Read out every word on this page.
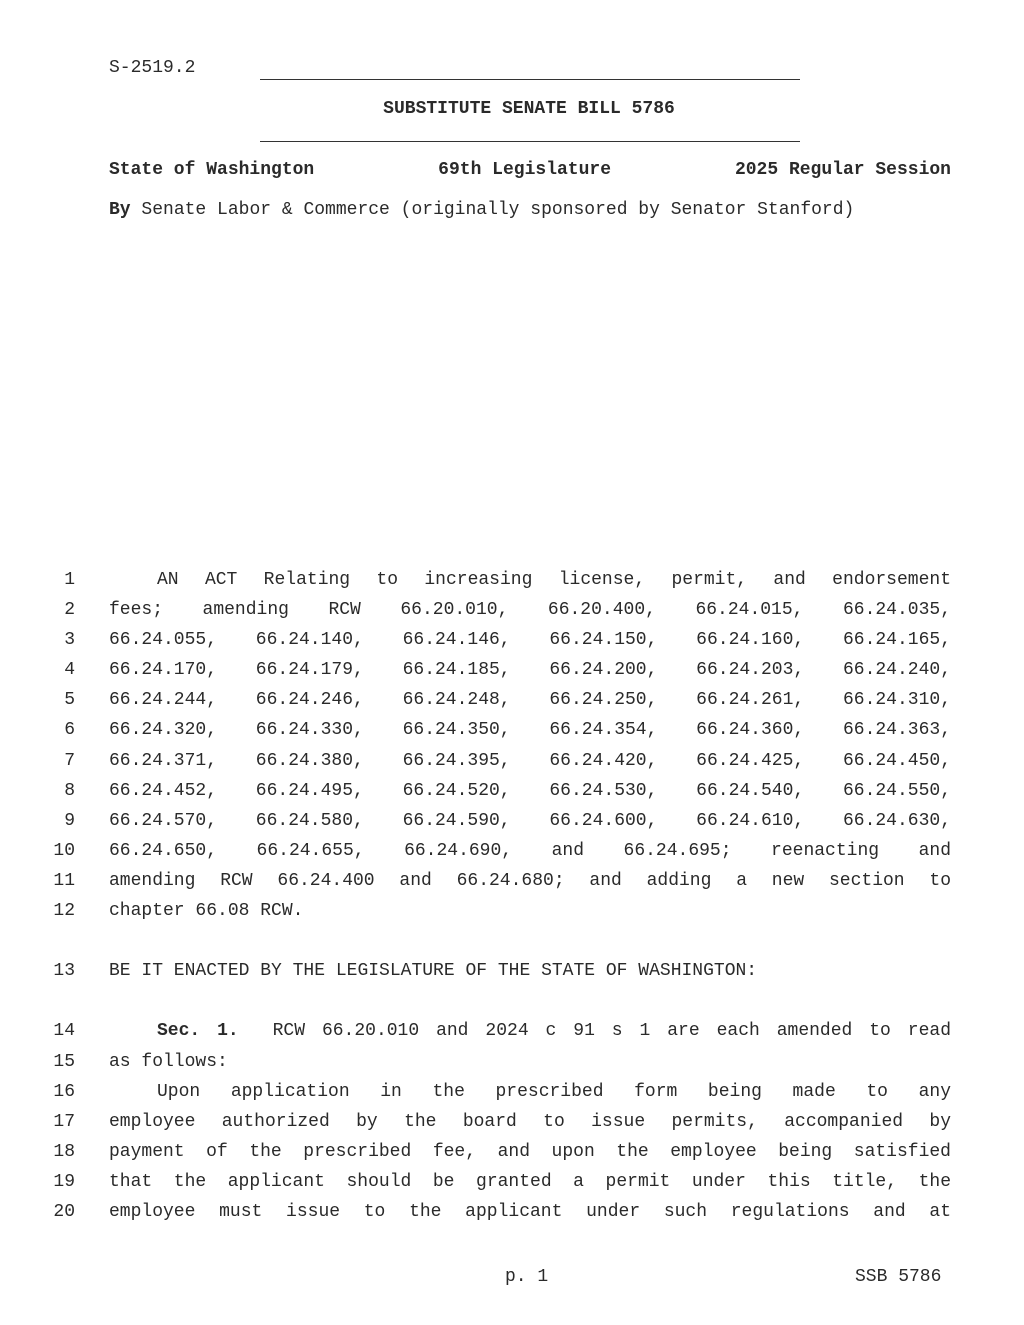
S-2519.2
SUBSTITUTE SENATE BILL 5786
State of Washington	69th Legislature	2025 Regular Session
By Senate Labor & Commerce (originally sponsored by Senator Stanford)
1	AN ACT Relating to increasing license, permit, and endorsement
2 fees; amending RCW 66.20.010, 66.20.400, 66.24.015, 66.24.035,
3 66.24.055, 66.24.140, 66.24.146, 66.24.150, 66.24.160, 66.24.165,
4 66.24.170, 66.24.179, 66.24.185, 66.24.200, 66.24.203, 66.24.240,
5 66.24.244, 66.24.246, 66.24.248, 66.24.250, 66.24.261, 66.24.310,
6 66.24.320, 66.24.330, 66.24.350, 66.24.354, 66.24.360, 66.24.363,
7 66.24.371, 66.24.380, 66.24.395, 66.24.420, 66.24.425, 66.24.450,
8 66.24.452, 66.24.495, 66.24.520, 66.24.530, 66.24.540, 66.24.550,
9 66.24.570, 66.24.580, 66.24.590, 66.24.600, 66.24.610, 66.24.630,
10 66.24.650, 66.24.655, 66.24.690, and 66.24.695; reenacting and
11 amending RCW 66.24.400 and 66.24.680; and adding a new section to
12 chapter 66.08 RCW.
13 BE IT ENACTED BY THE LEGISLATURE OF THE STATE OF WASHINGTON:
14	Sec. 1. RCW 66.20.010 and 2024 c 91 s 1 are each amended to read
15 as follows:
16	Upon application in the prescribed form being made to any
17 employee authorized by the board to issue permits, accompanied by
18 payment of the prescribed fee, and upon the employee being satisfied
19 that the applicant should be granted a permit under this title, the
20 employee must issue to the applicant under such regulations and at
p. 1	SSB 5786
